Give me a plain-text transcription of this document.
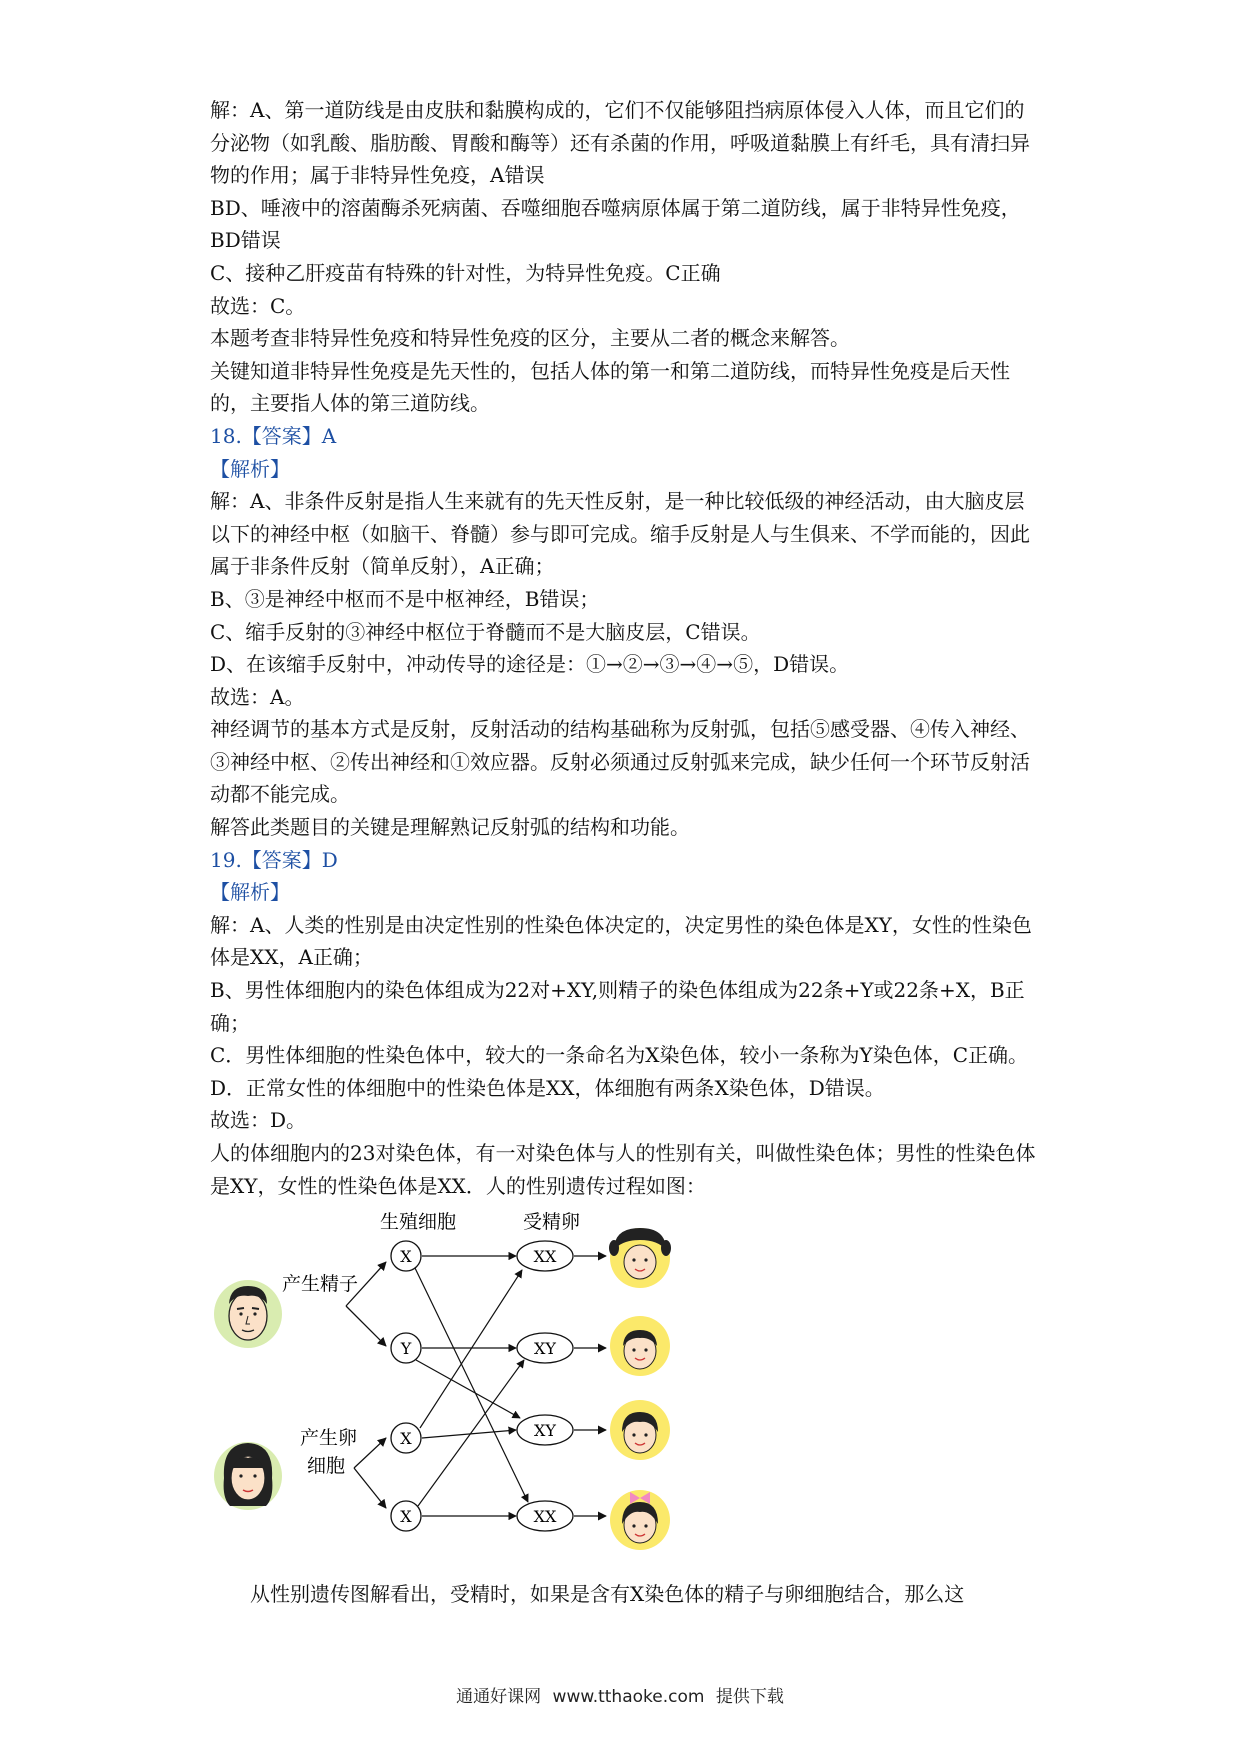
解：A、第一道防线是由皮肤和黏膜构成的，它们不仅能够阻挡病原体侵入人体，而且它们的分泌物（如乳酸、脂肪酸、胃酸和酶等）还有杀菌的作用，呼吸道黏膜上有纤毛，具有清扫异物的作用；属于非特异性免疫，A错误

BD、唾液中的溶菌酶杀死病菌、吞噬细胞吞噬病原体属于第二道防线，属于非特异性免疫，BD错误

C、接种乙肝疫苗有特殊的针对性，为特异性免疫。C正确

故选：C。

本题考查非特异性免疫和特异性免疫的区分，主要从二者的概念来解答。

关键知道非特异性免疫是先天性的，包括人体的第一和第二道防线，而特异性免疫是后天性的，主要指人体的第三道防线。

18.【答案】A

【解析】

解：A、非条件反射是指人生来就有的先天性反射，是一种比较低级的神经活动，由大脑皮层以下的神经中枢（如脑干、脊髓）参与即可完成。缩手反射是人与生俱来、不学而能的，因此属于非条件反射（简单反射），A正确；

B、③是神经中枢而不是中枢神经，B错误；

C、缩手反射的③神经中枢位于脊髓而不是大脑皮层，C错误。

D、在该缩手反射中，冲动传导的途径是：①→②→③→④→⑤，D错误。

故选：A。

神经调节的基本方式是反射，反射活动的结构基础称为反射弧，包括⑤感受器、④传入神经、③神经中枢、②传出神经和①效应器。反射必须通过反射弧来完成，缺少任何一个环节反射活动都不能完成。

解答此类题目的关键是理解熟记反射弧的结构和功能。

19.【答案】D

【解析】

解：A、人类的性别是由决定性别的性染色体决定的，决定男性的染色体是XY，女性的性染色体是XX，A正确；

B、男性体细胞内的染色体组成为22对+XY,则精子的染色体组成为22条+Y或22条+X，B正确；

C．男性体细胞的性染色体中，较大的一条命名为X染色体，较小一条称为Y染色体，C正确。

D．正常女性的体细胞中的性染色体是XX，体细胞有两条X染色体，D错误。

故选：D。

人的体细胞内的23对染色体，有一对染色体与人的性别有关，叫做性染色体；男性的性染色体是XY，女性的性染色体是XX．人的性别遗传过程如图：

生殖细胞	受精卵
产生精子
产生卵
细胞
X
Y
X
X
XX
XY
XY
XX

从性别遗传图解看出，受精时，如果是含有X染色体的精子与卵细胞结合，那么这

通通好课网 www.tthaoke.com 提供下载
